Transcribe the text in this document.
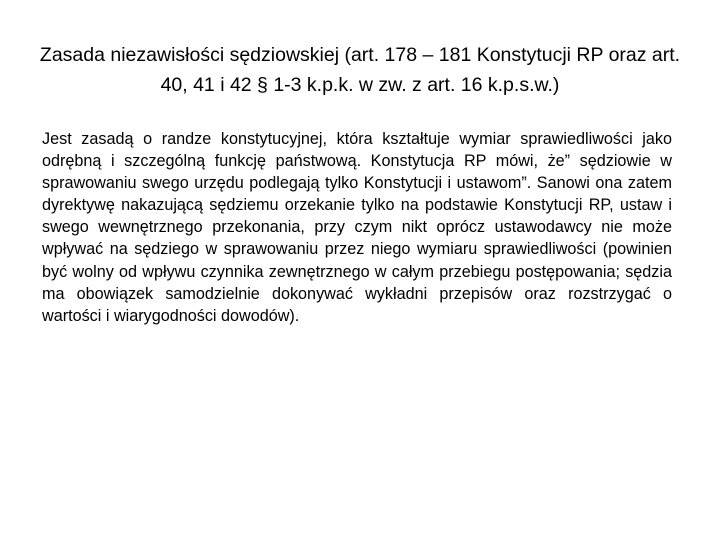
Zasada niezawisłości sędziowskiej (art. 178 – 181 Konstytucji RP oraz art. 40, 41 i 42 § 1-3 k.p.k. w zw. z art. 16 k.p.s.w.)

Jest zasadą o randze konstytucyjnej, która kształtuje wymiar sprawiedliwości jako odrębną i szczególną funkcję państwową. Konstytucja RP mówi, że” sędziowie w sprawowaniu swego urzędu podlegają tylko Konstytucji i ustawom”. Sanowi ona zatem dyrektywę nakazującą sędziemu orzekanie tylko na podstawie Konstytucji RP, ustaw i swego wewnętrznego przekonania, przy czym nikt oprócz ustawodawcy nie może wpływać na sędziego w sprawowaniu przez niego wymiaru sprawiedliwości (powinien być wolny od wpływu czynnika zewnętrznego w całym przebiegu postępowania; sędzia ma obowiązek samodzielnie dokonywać wykładni przepisów oraz rozstrzygać o wartości i wiarygodności dowodów).
